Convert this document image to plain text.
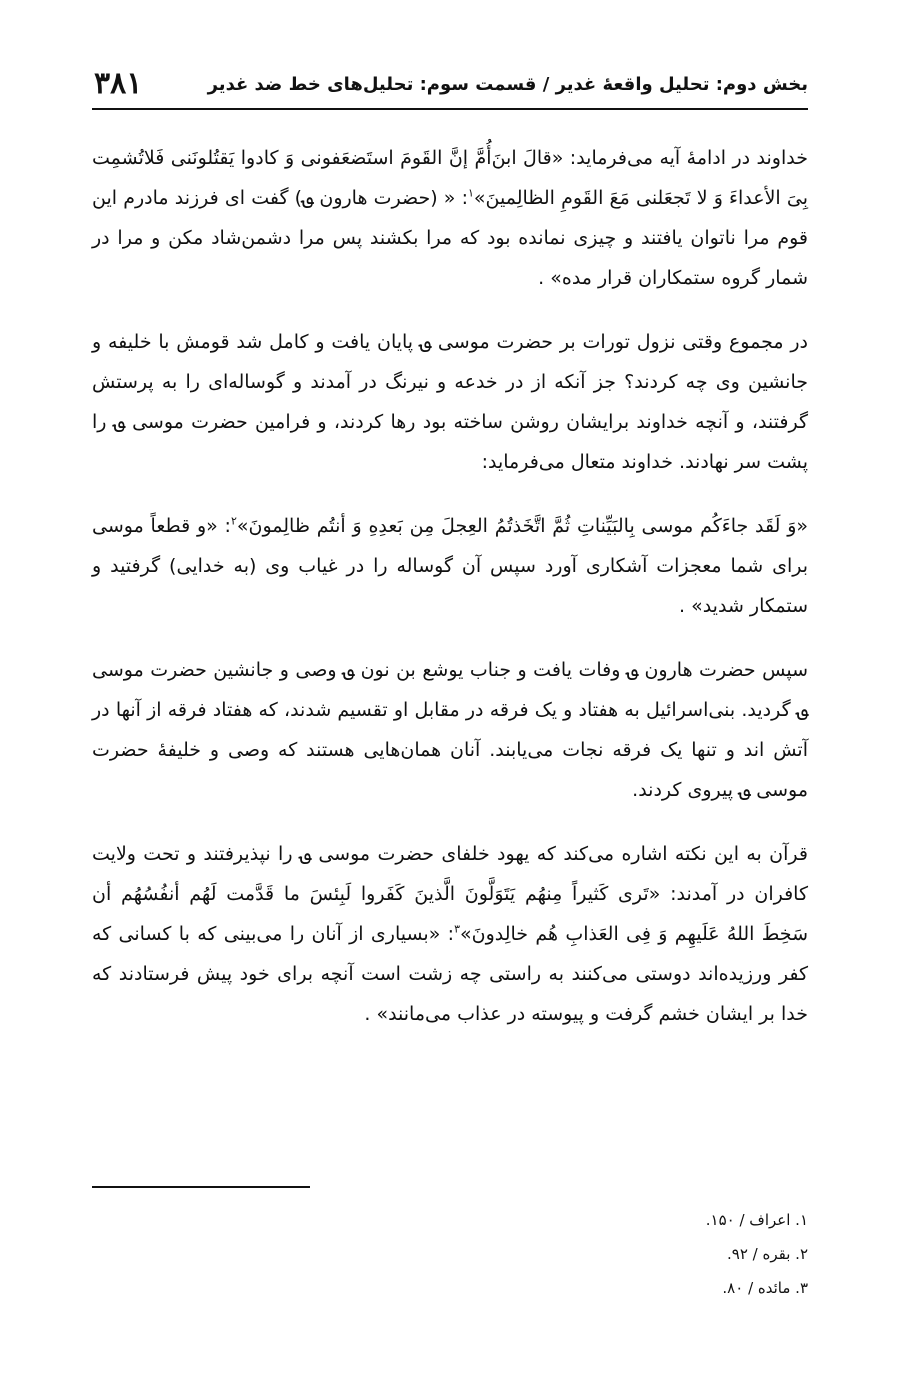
بخش دوم: تحلیل واقعهٔ غدیر / قسمت سوم: تحلیل‌های خط ضد غدیر
۳۸۱

خداوند در ادامهٔ آیه می‌فرماید: «قالَ ابنَ‌أُمَّ إنَّ القَومَ استَضعَفونی وَ کادوا یَقتُلونَنی فَلاتُشمِت بِیَ الأعداءَ وَ لا تَجعَلنی مَعَ القَومِ الظالِمینَ»$^۱$: « (حضرت هارون ؈) گفت ای فرزند مادرم این قوم مرا ناتوان یافتند و چیزی نمانده بود که مرا بکشند پس مرا دشمن‌شاد مکن و مرا در شمار گروه ستمکاران قرار مده» .

در مجموع وقتی نزول تورات بر حضرت موسی ؈ پایان یافت و کامل شد قومش با خلیفه و جانشین وی چه کردند؟ جز آنکه از در خدعه و نیرنگ در آمدند و گوساله‌ای را به پرستش گرفتند، و آنچه خداوند برایشان روشن ساخته بود رها کردند، و فرامین حضرت موسی ؈ را پشت سر نهادند. خداوند متعال می‌فرماید:

«وَ لَقَد جاءَکُم موسی بِالبَیِّناتِ ثُمَّ اتَّخَذتُمُ العِجلَ مِن بَعدِهِ وَ أنتُم ظالِمونَ»$^۲$: «و قطعاً موسی برای شما معجزات آشکاری آورد سپس آن گوساله را در غیاب وی (به خدایی) گرفتید و ستمکار شدید» .

سپس حضرت هارون ؈ وفات یافت و جناب یوشع بن نون ؈ وصی و جانشین حضرت موسی ؈ گردید. بنی‌اسرائیل به هفتاد و یک فرقه در مقابل او تقسیم شدند، که هفتاد فرقه از آنها در آتش اند و تنها یک فرقه نجات می‌یابند. آنان همان‌هایی هستند که وصی و خلیفهٔ حضرت موسی ؈ پیروی کردند.

قرآن به این نکته اشاره می‌کند که یهود خلفای حضرت موسی ؈ را نپذیرفتند و تحت ولایت کافران در آمدند: «تَری کَثیراً مِنهُم یَتَوَلَّونَ الَّذینَ کَفَروا لَبِئسَ ما قَدَّمت لَهُم أنفُسُهُم أن سَخِطَ اللهُ عَلَیهِم وَ فِی العَذابِ هُم خالِدونَ»$^۳$: «بسیاری از آنان را می‌بینی که با کسانی که کفر ورزیده‌اند دوستی می‌کنند به راستی چه زشت است آنچه برای خود پیش فرستادند که خدا بر ایشان خشم گرفت و پیوسته در عذاب می‌مانند» .

۱. اعراف / ۱۵۰.
۲. بقره / ۹۲.
۳. مائده / ۸۰.
